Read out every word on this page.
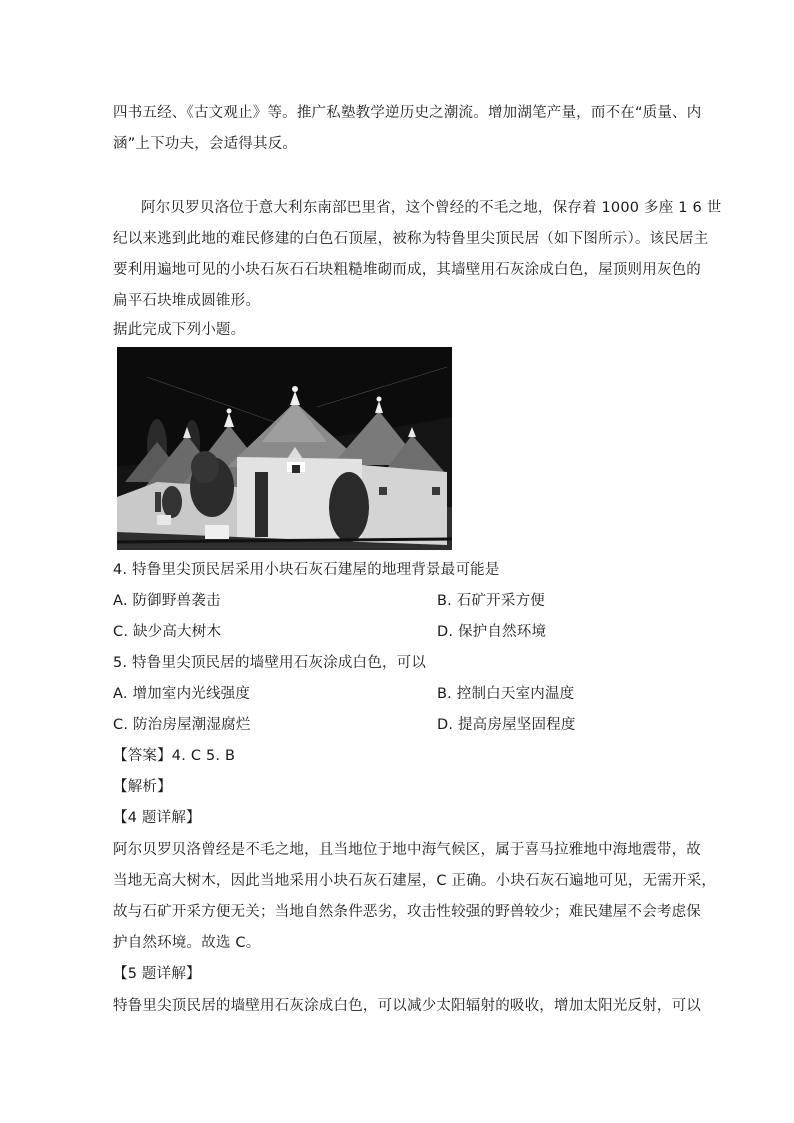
四书五经、《古文观止》等。推广私塾教学逆历史之潮流。增加湖笔产量，而不在“质量、内
涵”上下功夫，会适得其反。
阿尔贝罗贝洛位于意大利东南部巴里省，这个曾经的不毛之地，保存着 1000 多座 1 6 世
纪以来逃到此地的难民修建的白色石顶屋，被称为特鲁里尖顶民居（如下图所示）。该民居主
要利用遍地可见的小块石灰石石块粗糙堆砌而成，其墙壁用石灰涂成白色，屋顶则用灰色的
扁平石块堆成圆锥形。
据此完成下列小题。
4. 特鲁里尖顶民居采用小块石灰石建屋的地理背景最可能是
A. 防御野兽袭击	B. 石矿开采方便
C. 缺少高大树木	D. 保护自然环境
5. 特鲁里尖顶民居的墙壁用石灰涂成白色，可以
A. 增加室内光线强度	B. 控制白天室内温度
C. 防治房屋潮湿腐烂	D. 提高房屋坚固程度
【答案】4. C 5. B
【解析】
【4 题详解】
阿尔贝罗贝洛曾经是不毛之地，且当地位于地中海气候区，属于喜马拉雅地中海地震带，故
当地无高大树木，因此当地采用小块石灰石建屋，C 正确。小块石灰石遍地可见，无需开采，
故与石矿开采方便无关；当地自然条件恶劣，攻击性较强的野兽较少；难民建屋不会考虑保
护自然环境。故选 C。
【5 题详解】
特鲁里尖顶民居的墙壁用石灰涂成白色，可以减少太阳辐射的吸收，增加太阳光反射，可以
